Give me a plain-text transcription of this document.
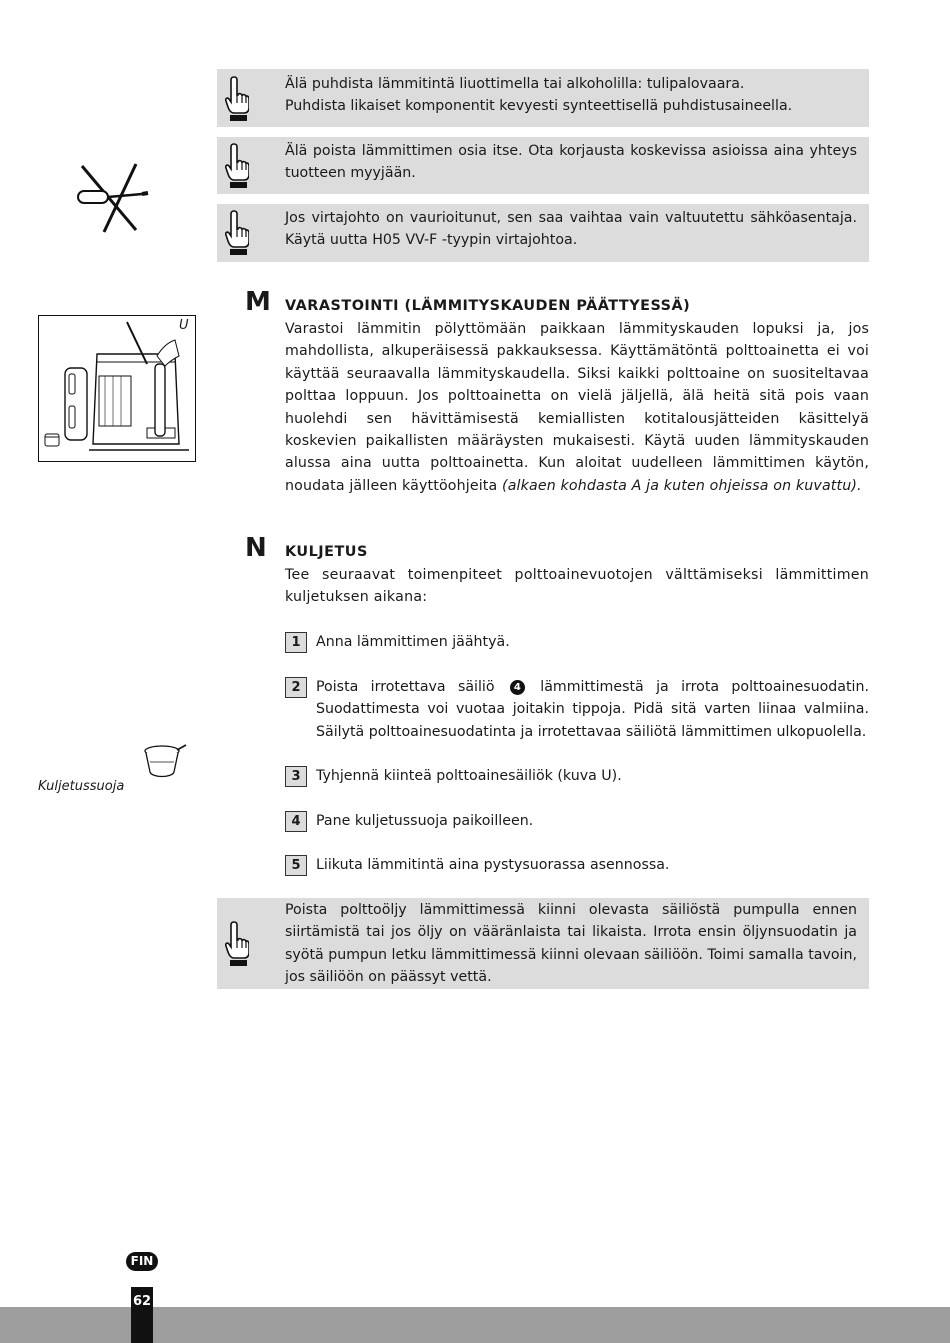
Älä puhdista lämmitintä liuottimella tai alkoholilla: tulipalovaara.
Puhdista likaiset komponentit kevyesti synteettisellä puhdistusaineella.
Älä poista lämmittimen osia itse. Ota korjausta koskevissa asioissa aina yhteys tuotteen myyjään.
Jos virtajohto on vaurioitunut, sen saa vaihtaa vain valtuutettu sähköasentaja. Käytä uutta H05 VV-F -tyypin virtajohtoa.
U
M VARASTOINTI (LÄMMITYSKAUDEN PÄÄTTYESSÄ)
Varastoi lämmitin pölyttömään paikkaan lämmityskauden lopuksi ja, jos mahdollista, alkuperäisessä pakkauksessa. Käyttämätöntä polttoainetta ei voi käyttää seuraavalla lämmityskaudella. Siksi kaikki polttoaine on suositeltavaa polttaa loppuun. Jos polttoainetta on vielä jäljellä, älä heitä sitä pois vaan huolehdi sen hävittämisestä kemiallisten kotitalousjätteiden käsittelyä koskevien paikallisten määräysten mukaisesti. Käytä uuden lämmityskauden alussa aina uutta polttoainetta. Kun aloitat uudelleen lämmittimen käytön, noudata jälleen käyttöohjeita (alkaen kohdasta A ja kuten ohjeissa on kuvattu).
N KULJETUS
Tee seuraavat toimenpiteet polttoainevuotojen välttämiseksi lämmittimen kuljetuksen aikana:
1	Anna lämmittimen jäähtyä.
2	Poista irrotettava säiliö 4 lämmittimestä ja irrota polttoainesuodatin. Suodattimesta voi vuotaa joitakin tippoja. Pidä sitä varten liinaa valmiina. Säilytä polttoainesuodatinta ja irrotettavaa säiliötä lämmittimen ulkopuolella.
3	Tyhjennä kiinteä polttoainesäiliök (kuva U).
4	Pane kuljetussuoja paikoilleen.
5	Liikuta lämmitintä aina pystysuorassa asennossa.
Kuljetussuoja
Poista polttoöljy lämmittimessä kiinni olevasta säiliöstä pumpulla ennen siirtämistä tai jos öljy on vääränlaista tai likaista. Irrota ensin öljynsuodatin ja syötä pumpun letku lämmittimessä kiinni olevaan säiliöön. Toimi samalla tavoin, jos säiliöön on päässyt vettä.
FIN
62
